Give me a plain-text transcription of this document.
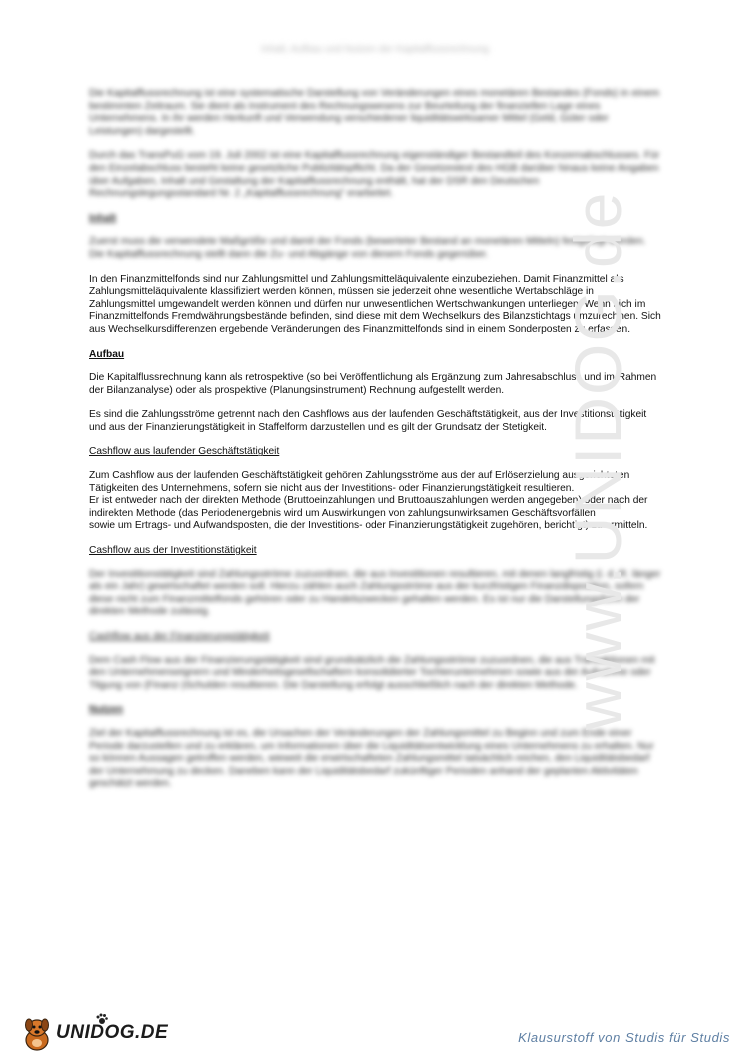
Inhalt, Aufbau und Nutzen der Kapitalflussrechnung

Die Kapitalflussrechnung ist eine systematische Darstellung von Veränderungen eines monetären Bestandes (Fonds) in einem bestimmten Zeitraum. Sie dient als Instrument des Rechnungswesens zur Beurteilung der finanziellen Lage eines Unternehmens. In ihr werden Herkunft und Verwendung verschiedener liquiditätswirksamer Mittel (Geld, Güter oder Leistungen) dargestellt.

Durch das TransPuG vom 19. Juli 2002 ist eine Kapitalflussrechnung eigenständiger Bestandteil des Konzernabschlusses. Für den Einzelabschluss besteht keine gesetzliche Publizitätspflicht. Da der Gesetzestext des HGB darüber hinaus keine Angaben über Aufgaben, Inhalt und Gestaltung der Kapitalflussrechnung enthält, hat der DSR den Deutschen Rechnungslegungsstandard Nr. 2 „Kapitalflussrechnung“ erarbeitet.

Inhalt

Zuerst muss die verwendete Maßgröße und damit der Fonds (bewerteter Bestand an monetären Mitteln) festgelegt werden. Die Kapitalflussrechnung stellt dann die Zu- und Abgänge von diesem Fonds gegenüber.

In den Finanzmittelfonds sind nur Zahlungsmittel und Zahlungsmitteläquivalente einzubeziehen. Damit Finanzmittel als Zahlungsmitteläquivalente klassifiziert werden können, müssen sie jederzeit ohne wesentliche Wertabschläge in Zahlungsmittel umgewandelt werden können und dürfen nur unwesentlichen Wertschwankungen unterliegen. Wenn sich im Finanzmittelfonds Fremdwährungsbestände befinden, sind diese mit dem Wechselkurs des Bilanzstichtags umzurechnen. Sich aus Wechselkursdifferenzen ergebende Veränderungen des Finanzmittelfonds sind in einem Sonderposten zu erfassen.

Aufbau

Die Kapitalflussrechnung kann als retrospektive (so bei Veröffentlichung als Ergänzung zum Jahresabschluss und im Rahmen der Bilanzanalyse) oder als prospektive (Planungsinstrument) Rechnung aufgestellt werden.

Es sind die Zahlungsströme getrennt nach den Cashflows aus der laufenden Geschäftstätigkeit, aus der Investitionstätigkeit und aus der Finanzierungstätigkeit in Staffelform darzustellen und es gilt der Grundsatz der Stetigkeit.

Cashflow aus laufender Geschäftstätigkeit

Zum Cashflow aus der laufenden Geschäftstätigkeit gehören Zahlungsströme aus der auf Erlöserzielung ausgerichteten Tätigkeiten des Unternehmens, sofern sie nicht aus der Investitions- oder Finanzierungstätigkeit resultieren.
Er ist entweder nach der direkten Methode (Bruttoeinzahlungen und Bruttoauszahlungen werden angegeben) oder nach der indirekten Methode (das Periodenergebnis wird um Auswirkungen von zahlungsunwirksamen Geschäftsvorfällen
sowie um Ertrags- und Aufwandsposten, die der Investitions- oder Finanzierungstätigkeit zugehören, berichtigt) zu ermitteln.

Cashflow aus der Investitionstätigkeit

Der Investitionstätigkeit sind Zahlungsströme zuzuordnen, die aus Investitionen resultieren, mit denen langfristig (i. d. R. länger als ein Jahr) gewirtschaftet werden soll. Hierzu zählen auch Zahlungsströme aus der kurzfristigen Finanzdisposition, sofern diese nicht zum Finanzmittelfonds gehören oder zu Handelszwecken gehalten werden. Es ist nur die Darstellungsform der direkten Methode zulässig.

Cashflow aus der Finanzierungstätigkeit

Dem Cash Flow aus der Finanzierungstätigkeit sind grundsätzlich die Zahlungsströme zuzuordnen, die aus Transaktionen mit den Unternehmenseignern und Minderheitsgesellschaftern konsolidierter Tochterunternehmen sowie aus der Aufnahme oder Tilgung von (Finanz-)Schulden resultieren. Die Darstellung erfolgt ausschließlich nach der direkten Methode.

Nutzen

Ziel der Kapitalflussrechnung ist es, die Ursachen der Veränderungen der Zahlungsmittel zu Beginn und zum Ende einer Periode darzustellen und zu erklären, um Informationen über die Liquiditätsentwicklung eines Unternehmens zu erhalten. Nur so können Aussagen getroffen werden, wieweit die erwirtschafteten Zahlungsmittel tatsächlich reichen, den Liquiditätsbedarf der Unternehmung zu decken. Daneben kann der Liquiditätsbedarf zukünftiger Perioden anhand der geplanten Aktivitäten geschätzt werden.

www.UNIDOG.de
UNIDOG.DE	Klausurstoff von Studis für Studis
